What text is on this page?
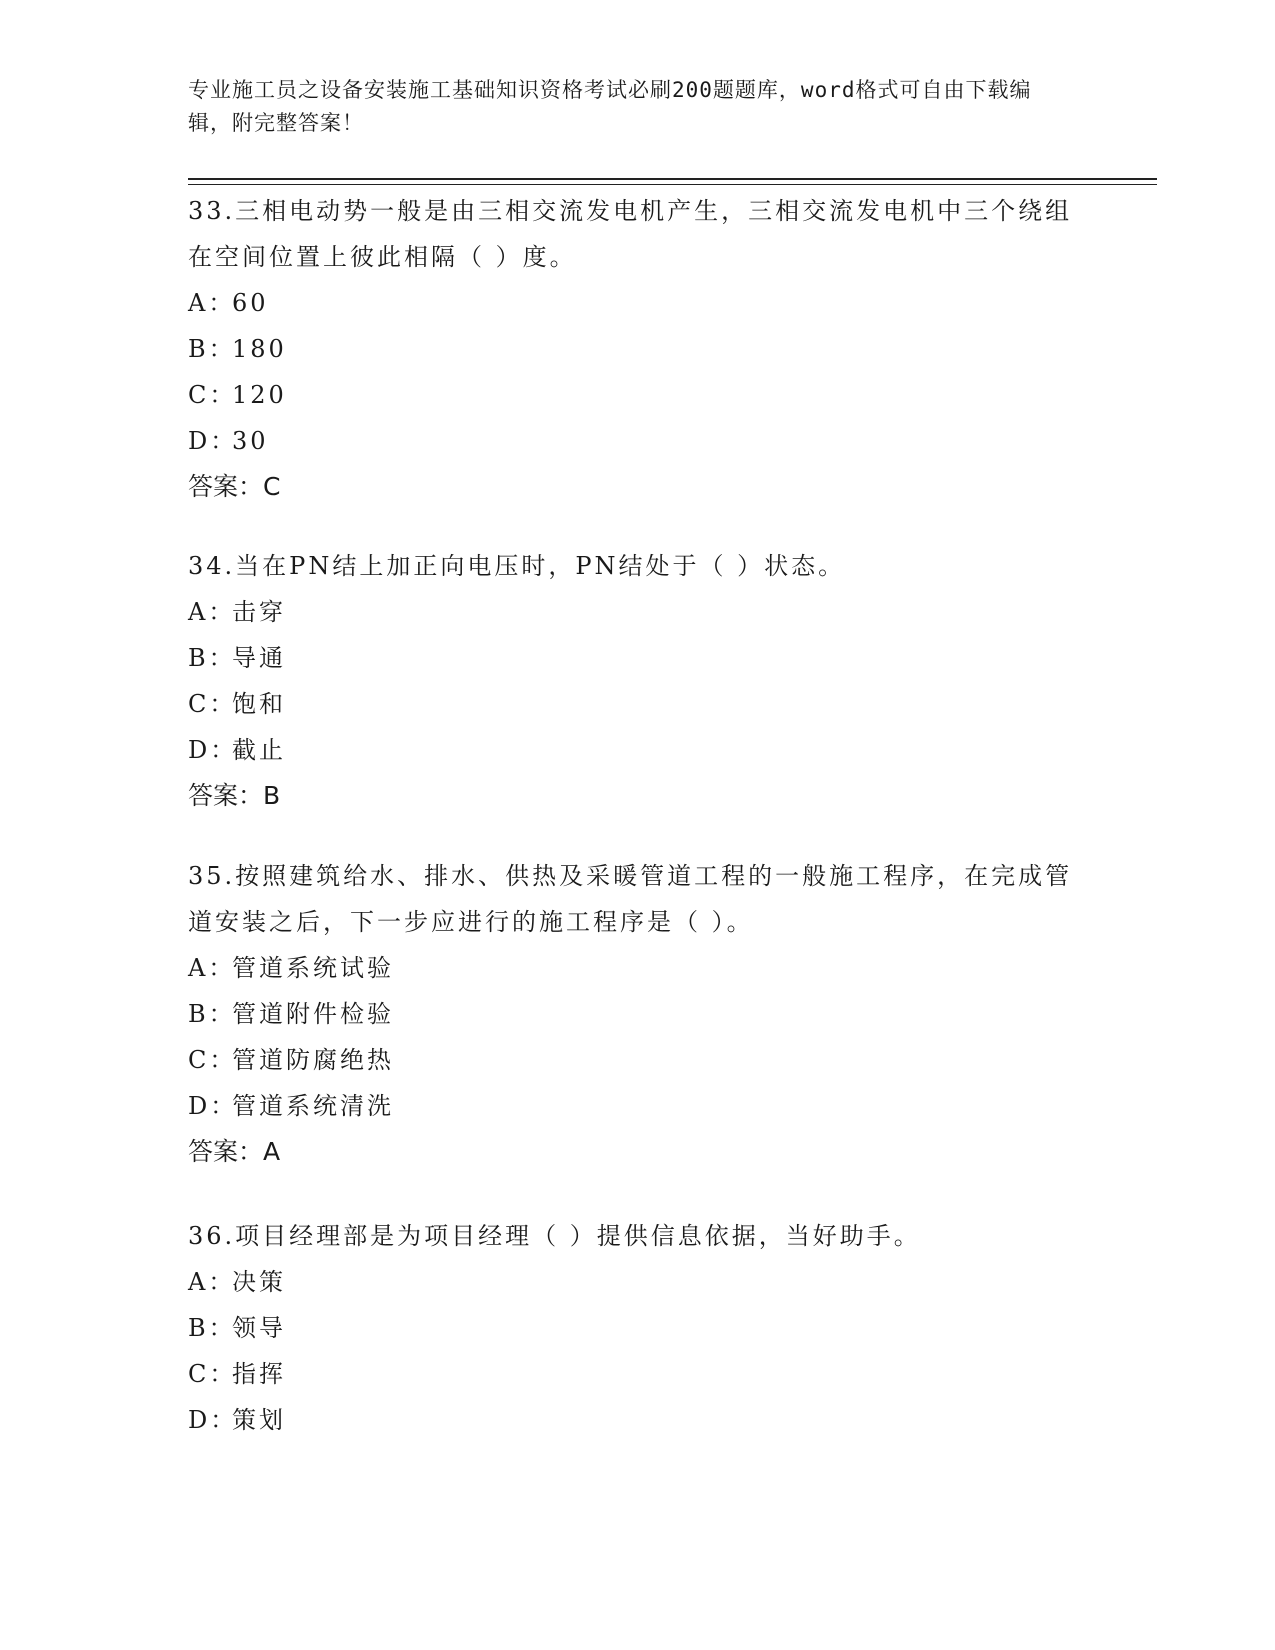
专业施工员之设备安装施工基础知识资格考试必刷200题题库，word格式可自由下载编辑，附完整答案！

33.三相电动势一般是由三相交流发电机产生，三相交流发电机中三个绕组在空间位置上彼此相隔（ ）度。

A：60

B：180

C：120

D：30

答案：C

34.当在PN结上加正向电压时，PN结处于（ ）状态。

A：击穿

B：导通

C：饱和

D：截止

答案：B

35.按照建筑给水、排水、供热及采暖管道工程的一般施工程序，在完成管道安装之后，下一步应进行的施工程序是（ ）。

A：管道系统试验

B：管道附件检验

C：管道防腐绝热

D：管道系统清洗

答案：A

36.项目经理部是为项目经理（ ）提供信息依据，当好助手。

A：决策

B：领导

C：指挥

D：策划
